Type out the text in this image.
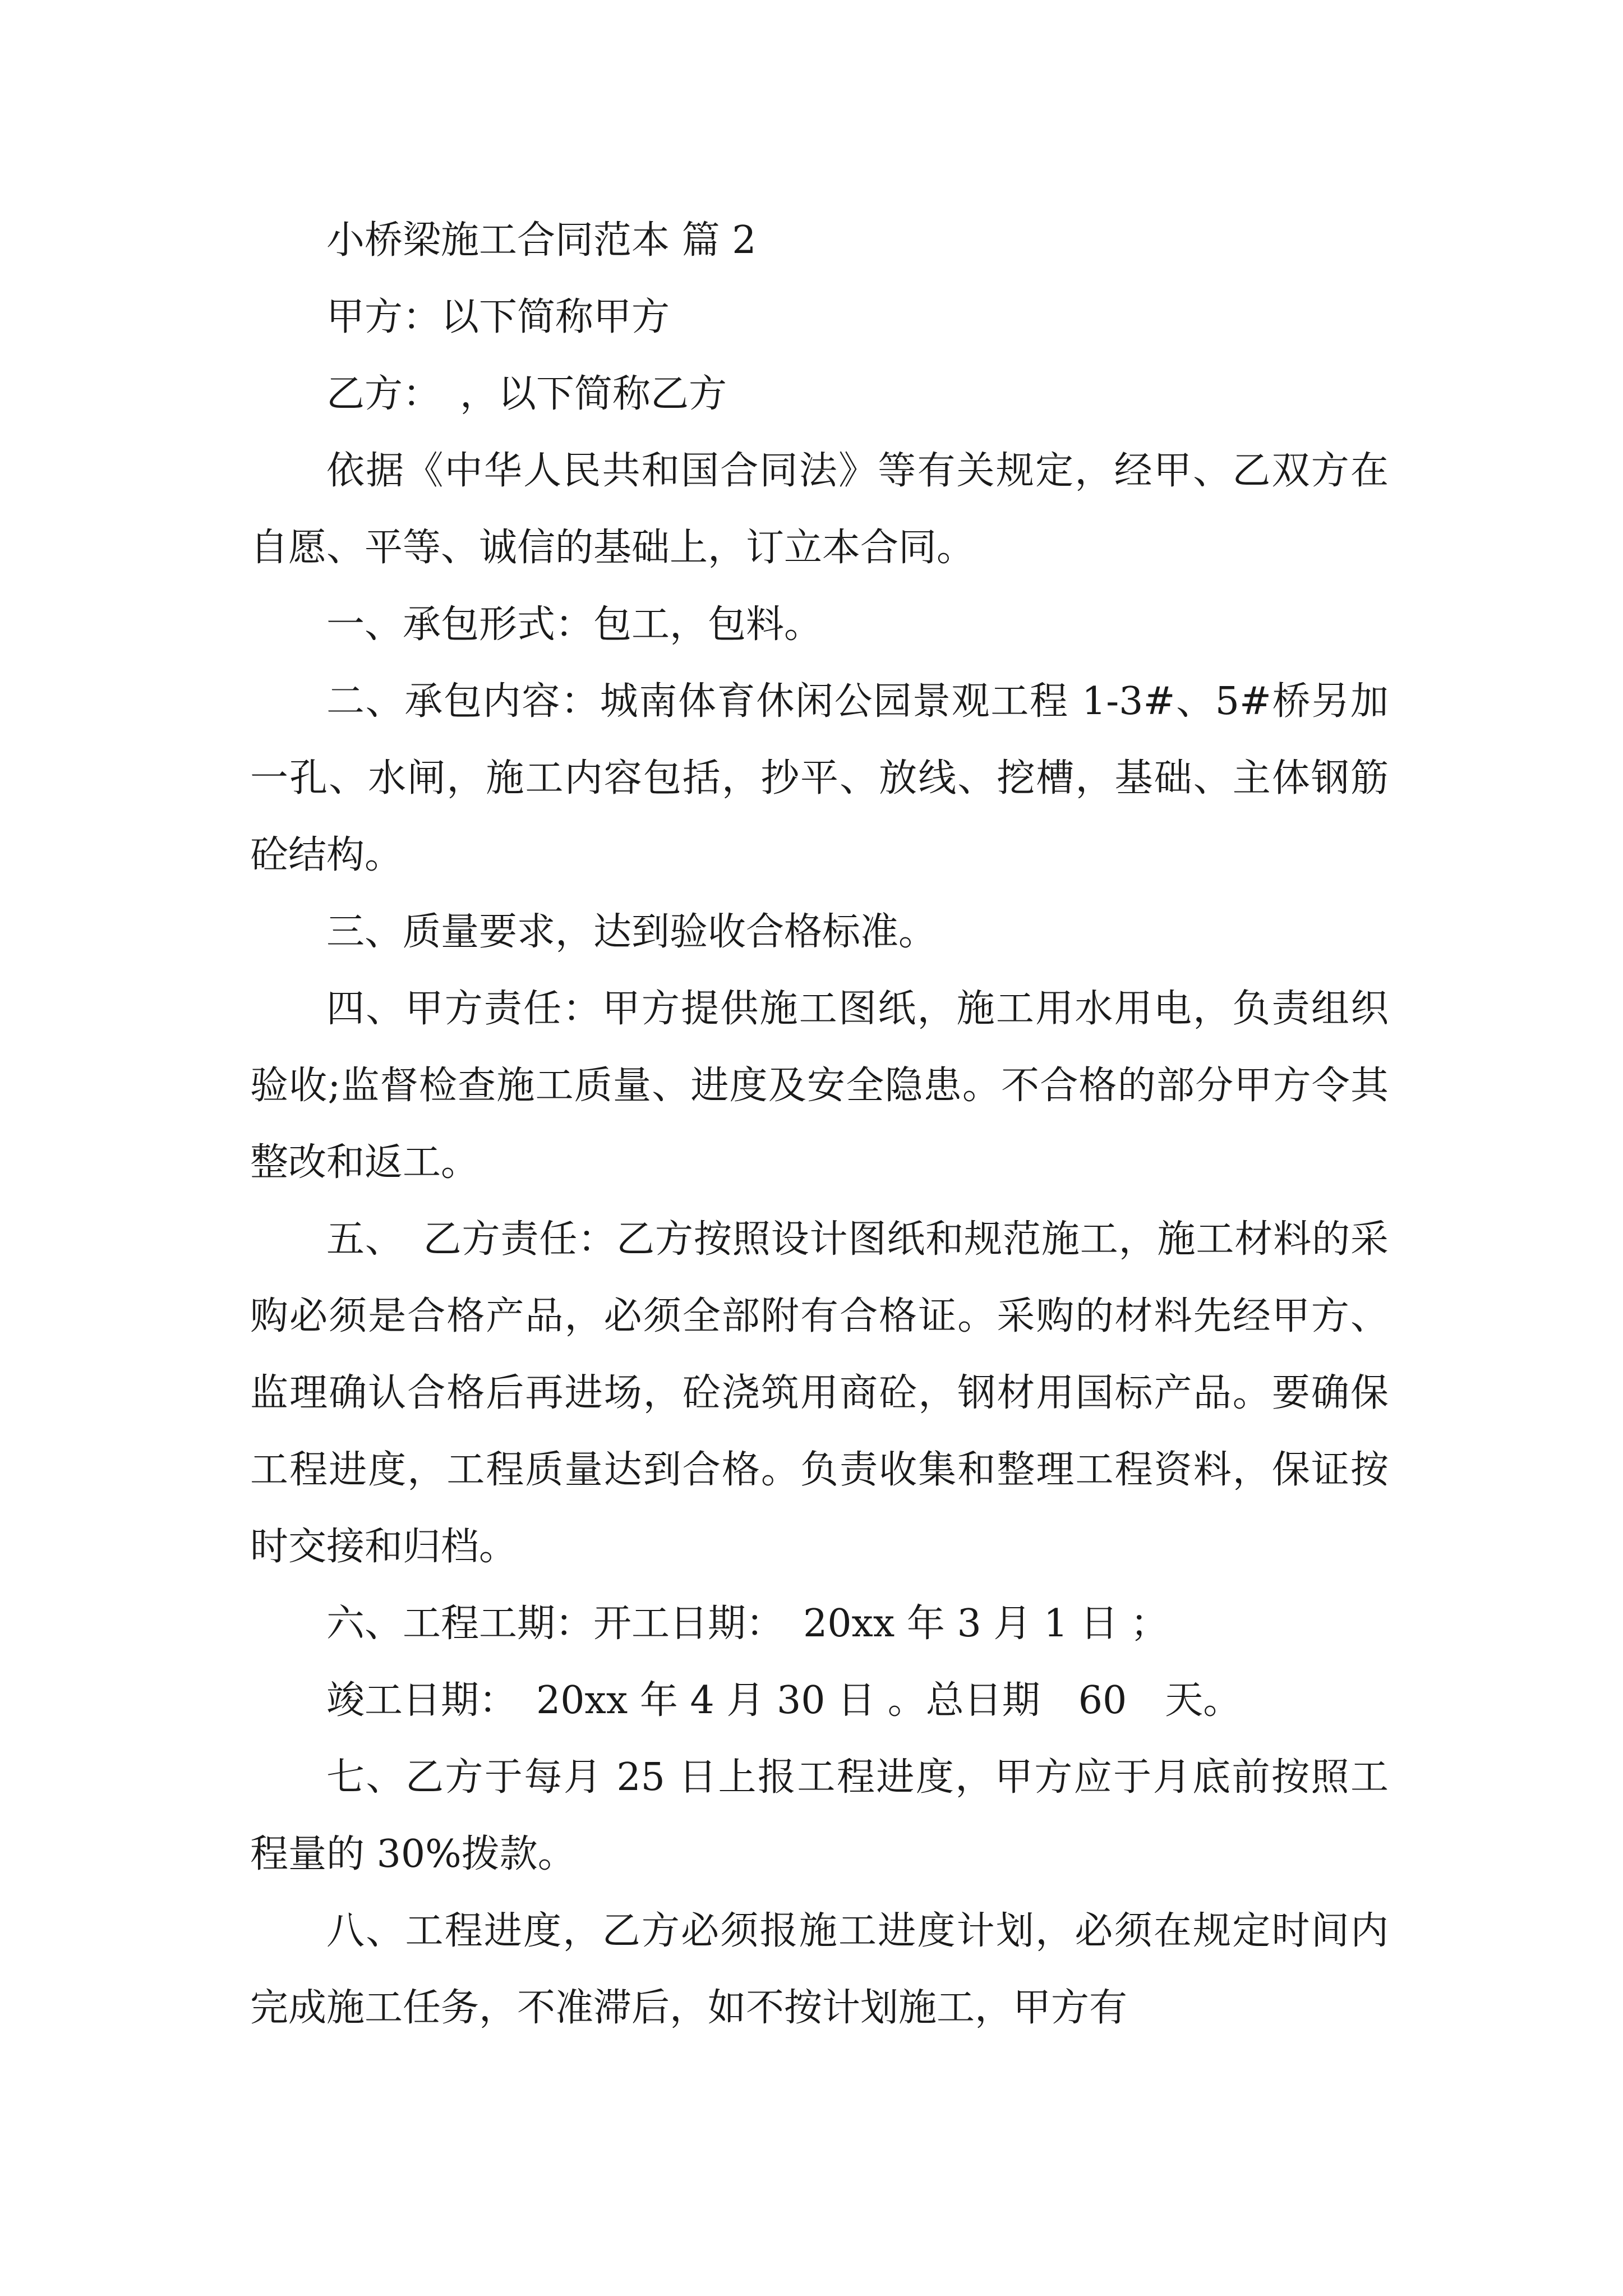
小桥梁施工合同范本 篇 2

甲方：以下简称甲方

乙方：　，以下简称乙方

依据《中华人民共和国合同法》等有关规定，经甲、乙双方在自愿、平等、诚信的基础上，订立本合同。

一、承包形式：包工，包料。

二、承包内容：城南体育休闲公园景观工程 1-3#、5#桥另加一孔、水闸，施工内容包括，抄平、放线、挖槽，基础、主体钢筋砼结构。

三、质量要求，达到验收合格标准。

四、甲方责任：甲方提供施工图纸，施工用水用电，负责组织验收;监督检查施工质量、进度及安全隐患。不合格的部分甲方令其整改和返工。

五、　乙方责任：乙方按照设计图纸和规范施工，施工材料的采购必须是合格产品，必须全部附有合格证。采购的材料先经甲方、监理确认合格后再进场，砼浇筑用商砼，钢材用国标产品。要确保工程进度，工程质量达到合格。负责收集和整理工程资料，保证按时交接和归档。

六、工程工期：开工日期：　20xx 年 3 月 1 日 ；

竣工日期：　20xx 年 4 月 30 日 。总日期　60　天。

七、乙方于每月 25 日上报工程进度，甲方应于月底前按照工程量的 30%拨款。

八、工程进度，乙方必须报施工进度计划，必须在规定时间内完成施工任务，不准滞后，如不按计划施工，甲方有
